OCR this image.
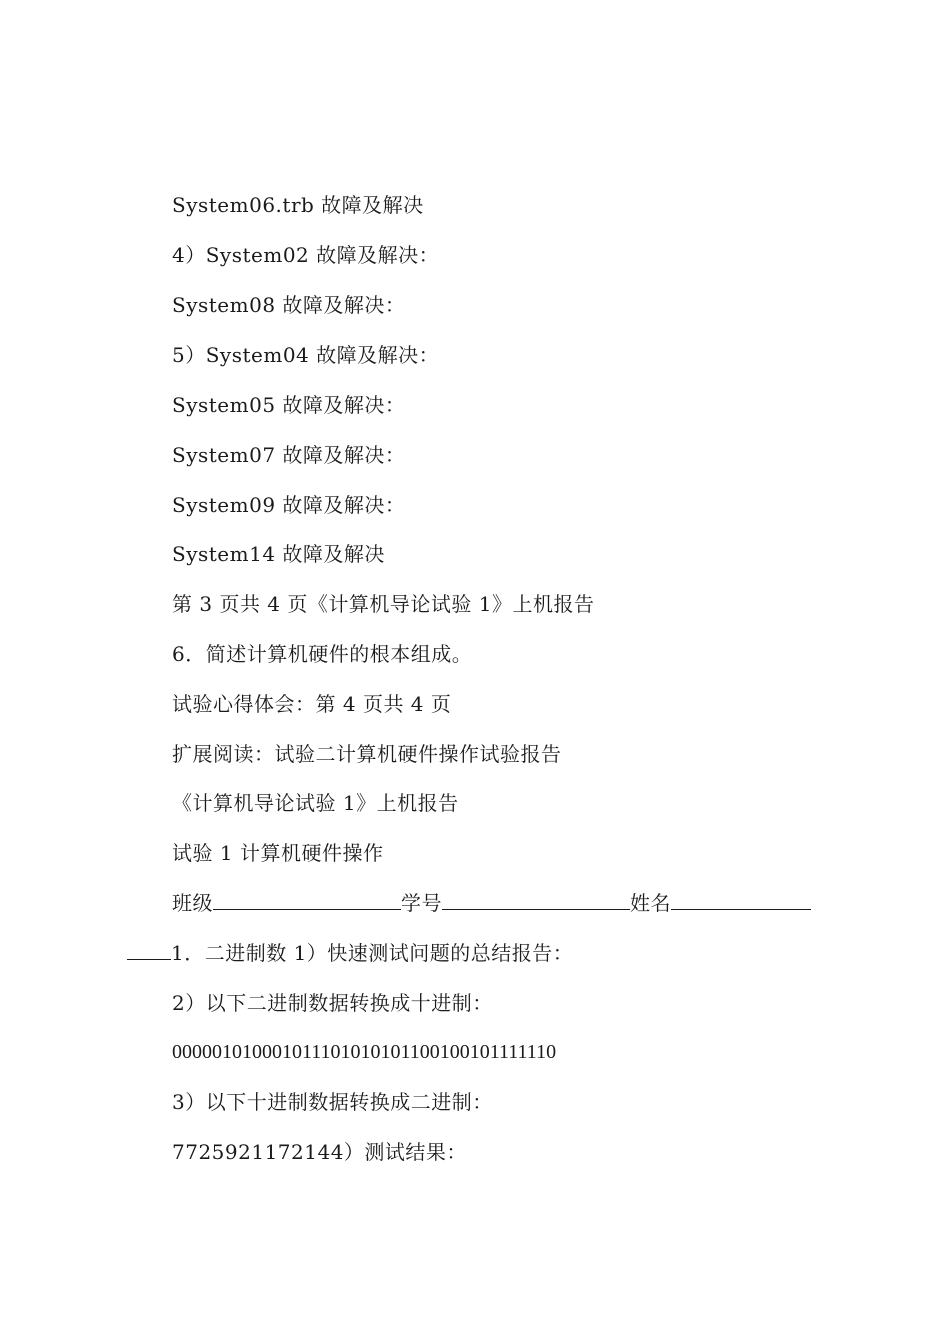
System06.trb 故障及解决
4）System02 故障及解决：
System08 故障及解决：
5）System04 故障及解决：
System05 故障及解决：
System07 故障及解决：
System09 故障及解决：
System14 故障及解决
第 3 页共 4 页《计算机导论试验 1》上机报告
6．简述计算机硬件的根本组成。
试验心得体会：第 4 页共 4 页
扩展阅读：试验二计算机硬件操作试验报告
《计算机导论试验 1》上机报告
试验 1 计算机硬件操作
班级	学号	姓名
1．二进制数 1）快速测试问题的总结报告：
2）以下二进制数据转换成十进制：
000001010001011101010101100100101111110
3）以下十进制数据转换成二进制：
7725921172144）测试结果：
